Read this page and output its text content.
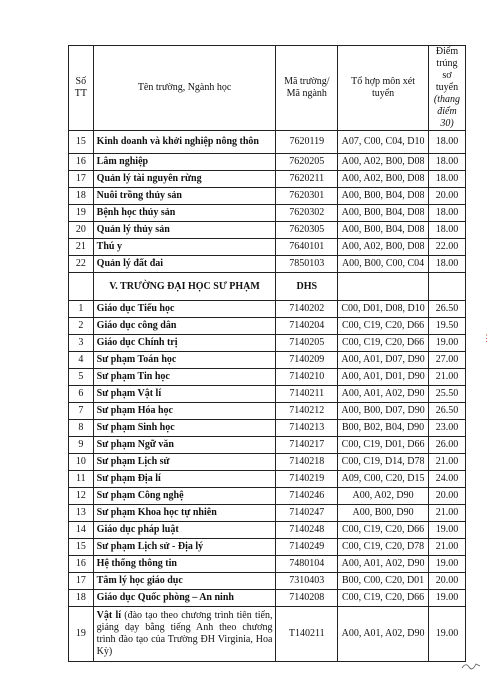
Số TT	Tên trường, Ngành học	Mã trường/ Mã ngành	Tổ hợp môn xét tuyển	Điểm trúng sơ tuyển (thang điểm 30)
15	Kinh doanh và khởi nghiệp nông thôn	7620119	A07, C00, C04, D10	18.00
16	Lâm nghiệp	7620205	A00, A02, B00, D08	18.00
17	Quản lý tài nguyên rừng	7620211	A00, A02, B00, D08	18.00
18	Nuôi trồng thủy sản	7620301	A00, B00, B04, D08	20.00
19	Bệnh học thủy sản	7620302	A00, B00, B04, D08	18.00
20	Quản lý thủy sản	7620305	A00, B00, B04, D08	18.00
21	Thú y	7640101	A00, A02, B00, D08	22.00
22	Quản lý đất đai	7850103	A00, B00, C00, C04	18.00
	V. TRƯỜNG ĐẠI HỌC SƯ PHẠM	DHS		
1	Giáo dục Tiểu học	7140202	C00, D01, D08, D10	26.50
2	Giáo dục công dân	7140204	C00, C19, C20, D66	19.50
3	Giáo dục Chính trị	7140205	C00, C19, C20, D66	19.00
4	Sư phạm Toán học	7140209	A00, A01, D07, D90	27.00
5	Sư phạm Tin học	7140210	A00, A01, D01, D90	21.00
6	Sư phạm Vật lí	7140211	A00, A01, A02, D90	25.50
7	Sư phạm Hóa học	7140212	A00, B00, D07, D90	26.50
8	Sư phạm Sinh học	7140213	B00, B02, B04, D90	23.00
9	Sư phạm Ngữ văn	7140217	C00, C19, D01, D66	26.00
10	Sư phạm Lịch sử	7140218	C00, C19, D14, D78	21.00
11	Sư phạm Địa lí	7140219	A09, C00, C20, D15	24.00
12	Sư phạm Công nghệ	7140246	A00, A02, D90	20.00
13	Sư phạm Khoa học tự nhiên	7140247	A00, B00, D90	21.00
14	Giáo dục pháp luật	7140248	C00, C19, C20, D66	19.00
15	Sư phạm Lịch sử - Địa lý	7140249	C00, C19, C20, D78	21.00
16	Hệ thống thông tin	7480104	A00, A01, A02, D90	19.00
17	Tâm lý học giáo dục	7310403	B00, C00, C20, D01	20.00
18	Giáo dục Quốc phòng – An ninh	7140208	C00, C19, C20, D66	19.00
19	Vật lí (đào tạo theo chương trình tiên tiến, giảng dạy bằng tiếng Anh theo chương trình đào tạo của Trường ĐH Virginia, Hoa Kỳ)	T140211	A00, A01, A02, D90	19.00
⋮
